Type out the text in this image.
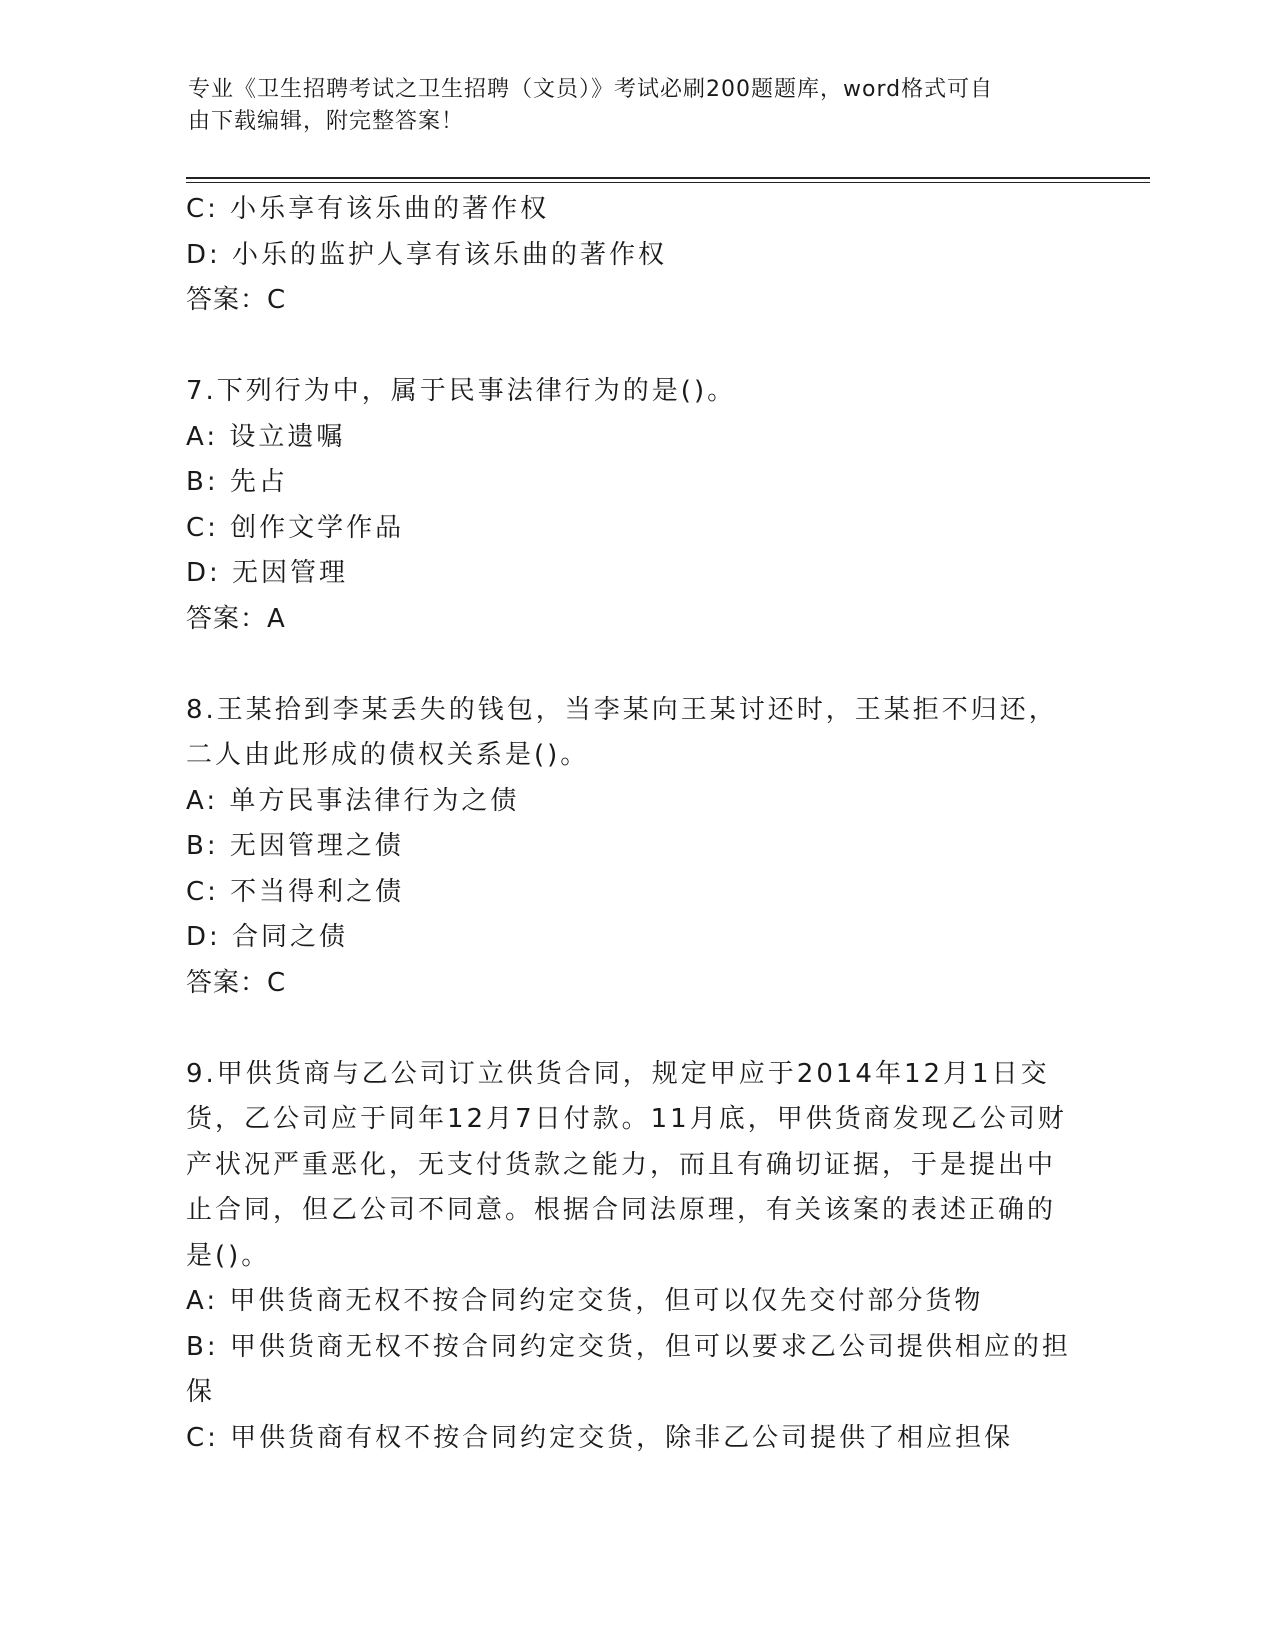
专业《卫生招聘考试之卫生招聘（文员）》考试必刷200题题库，word格式可自
由下载编辑，附完整答案！
C: 小乐享有该乐曲的著作权
D: 小乐的监护人享有该乐曲的著作权
答案：C
7.下列行为中，属于民事法律行为的是()。
A: 设立遗嘱
B: 先占
C: 创作文学作品
D: 无因管理
答案：A
8.王某拾到李某丢失的钱包，当李某向王某讨还时，王某拒不归还，
二人由此形成的债权关系是()。
A: 单方民事法律行为之债
B: 无因管理之债
C: 不当得利之债
D: 合同之债
答案：C
9.甲供货商与乙公司订立供货合同，规定甲应于2014年12月1日交
货，乙公司应于同年12月7日付款。11月底，甲供货商发现乙公司财
产状况严重恶化，无支付货款之能力，而且有确切证据，于是提出中
止合同，但乙公司不同意。根据合同法原理，有关该案的表述正确的
是()。
A: 甲供货商无权不按合同约定交货，但可以仅先交付部分货物
B: 甲供货商无权不按合同约定交货，但可以要求乙公司提供相应的担
保
C: 甲供货商有权不按合同约定交货，除非乙公司提供了相应担保
